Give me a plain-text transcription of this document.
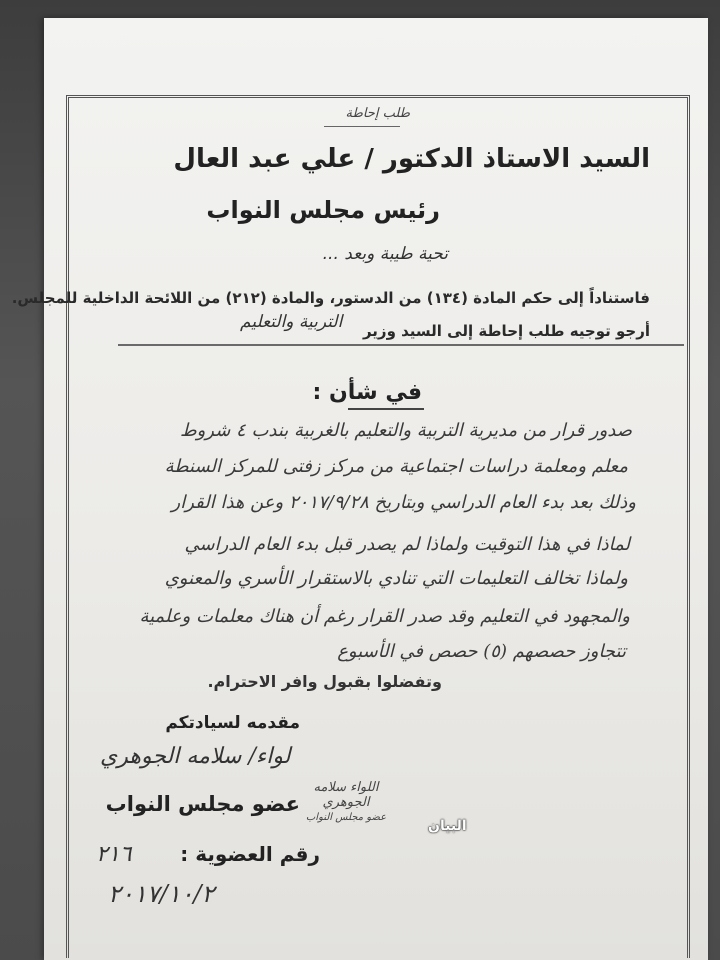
طلب إحاطة
السيد الاستاذ الدكتور / علي عبد العال
رئيس مجلس النواب
تحية طيبة وبعد ...
فاستناداً إلى حكم المادة (١٣٤) من الدستور، والمادة (٢١٢) من اللائحة الداخلية للمجلس.
أرجو توجيه طلب إحاطة إلى السيد وزير
التربية والتعليم
في شأن :
صدور قرار من مديرية التربية والتعليم بالغربية بندب ٤ شروط
معلم ومعلمة دراسات اجتماعية من مركز زفتى للمركز السنطة
وذلك بعد بدء العام الدراسي وبتاريخ ٢٠١٧/٩/٢٨ وعن هذا القرار
لماذا في هذا التوقيت ولماذا لم يصدر قبل بدء العام الدراسي
ولماذا تخالف التعليمات التي تنادي بالاستقرار الأسري والمعنوي
والمجهود في التعليم وقد صدر القرار رغم أن هناك معلمات وعلمية
تتجاوز حصصهم (٥) حصص في الأسبوع
وتفضلوا بقبول وافر الاحترام.
مقدمه لسيادتكم
لواء/ سلامه الجوهري
عضو مجلس النواب
اللواء سلامه الجوهري
عضو مجلس النواب
البيان
رقم العضوية :
٢١٦
٢٠١٧/١٠/٢
